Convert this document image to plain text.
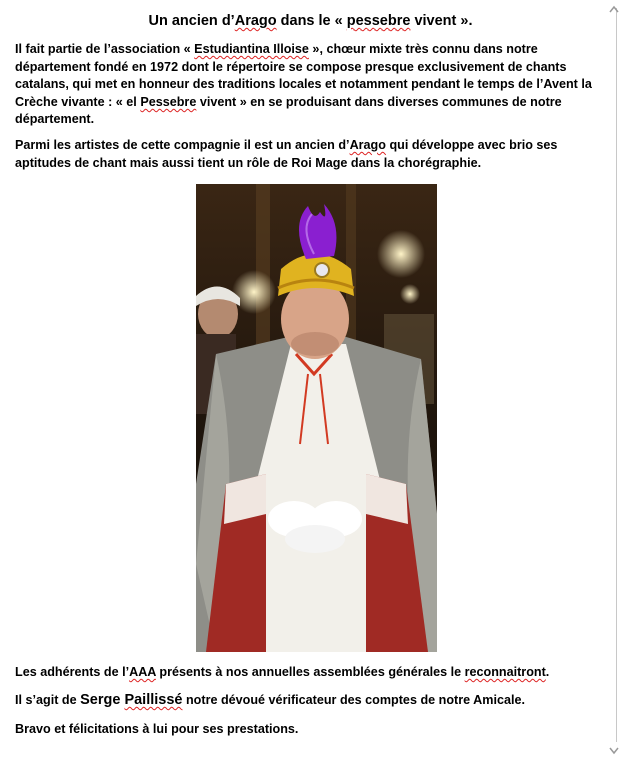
Un ancien d’Arago dans le « pessebre vivent ».
Il fait partie de l’association « Estudiantina Illoise », chœur mixte très connu dans notre département fondé en 1972 dont le répertoire se compose presque exclusivement de chants catalans, qui met en honneur des traditions locales et notamment pendant le temps de l’Avent la Crèche vivante : « el Pessebre vivent » en se produisant dans diverses communes de notre département.
Parmi les artistes de cette compagnie il est un ancien d’Arago qui développe avec brio ses aptitudes de chant mais aussi tient un rôle de Roi Mage dans la chorégraphie.
Les adhérents de l’AAA présents à nos annuelles assemblées générales le reconnaitront.
Il s’agit de Serge Paillissé notre dévoué vérificateur des comptes de notre Amicale.
Bravo et félicitations à lui pour ses prestations.
